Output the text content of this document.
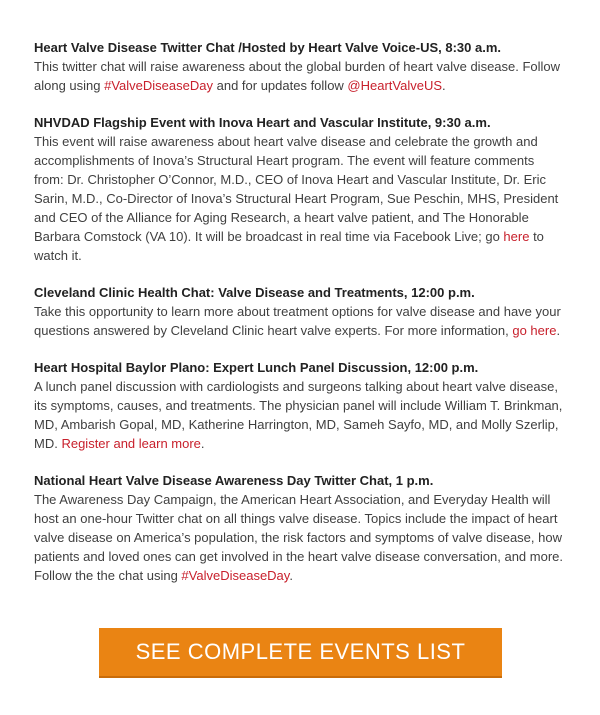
Heart Valve Disease Twitter Chat /Hosted by Heart Valve Voice-US, 8:30 a.m.
This twitter chat will raise awareness about the global burden of heart valve disease. Follow along using #ValveDiseaseDay and for updates follow @HeartValveUS.
NHVDAD Flagship Event with Inova Heart and Vascular Institute, 9:30 a.m.
This event will raise awareness about heart valve disease and celebrate the growth and accomplishments of Inova’s Structural Heart program. The event will feature comments from: Dr. Christopher O’Connor, M.D., CEO of Inova Heart and Vascular Institute, Dr. Eric Sarin, M.D., Co-Director of Inova’s Structural Heart Program, Sue Peschin, MHS, President and CEO of the Alliance for Aging Research, a heart valve patient, and The Honorable Barbara Comstock (VA 10). It will be broadcast in real time via Facebook Live; go here to watch it.
Cleveland Clinic Health Chat: Valve Disease and Treatments, 12:00 p.m.
Take this opportunity to learn more about treatment options for valve disease and have your questions answered by Cleveland Clinic heart valve experts. For more information, go here.
Heart Hospital Baylor Plano: Expert Lunch Panel Discussion, 12:00 p.m.
A lunch panel discussion with cardiologists and surgeons talking about heart valve disease, its symptoms, causes, and treatments. The physician panel will include William T. Brinkman, MD, Ambarish Gopal, MD, Katherine Harrington, MD, Sameh Sayfo, MD, and Molly Szerlip, MD. Register and learn more.
National Heart Valve Disease Awareness Day Twitter Chat, 1 p.m.
The Awareness Day Campaign, the American Heart Association, and Everyday Health will host an one-hour Twitter chat on all things valve disease. Topics include the impact of heart valve disease on America’s population, the risk factors and symptoms of valve disease, how patients and loved ones can get involved in the heart valve disease conversation, and more. Follow the the chat using #ValveDiseaseDay.
SEE COMPLETE EVENTS LIST
